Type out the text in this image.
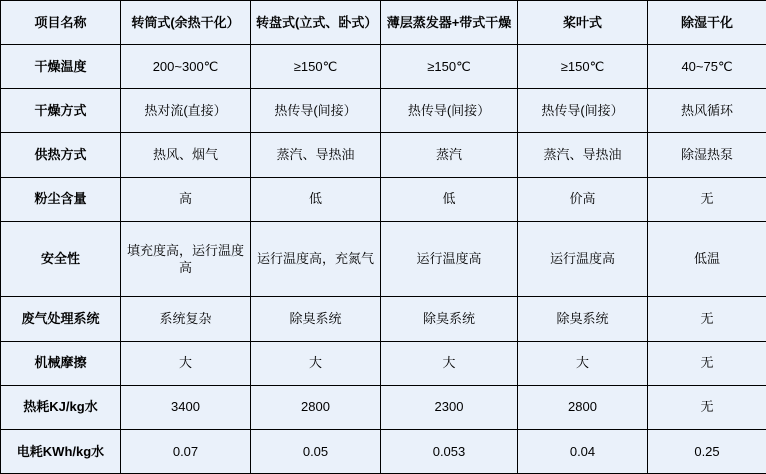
项目名称	转筒式(余热干化）	转盘式(立式、卧式）	薄层蒸发器+带式干燥	桨叶式	除湿干化
干燥温度	200~300℃	≥150℃	≥150℃	≥150℃	40~75℃
干燥方式	热对流(直接）	热传导(间接）	热传导(间接）	热传导(间接）	热风循环
供热方式	热风、烟气	蒸汽、导热油	蒸汽	蒸汽、导热油	除湿热泵
粉尘含量	高	低	低	价高	无
安全性	填充度高，运行温度高	运行温度高，充氮气	运行温度高	运行温度高	低温
废气处理系统	系统复杂	除臭系统	除臭系统	除臭系统	无
机械摩擦	大	大	大	大	无
热耗KJ/kg水	3400	2800	2300	2800	无
电耗KWh/kg水	0.07	0.05	0.053	0.04	0.25
